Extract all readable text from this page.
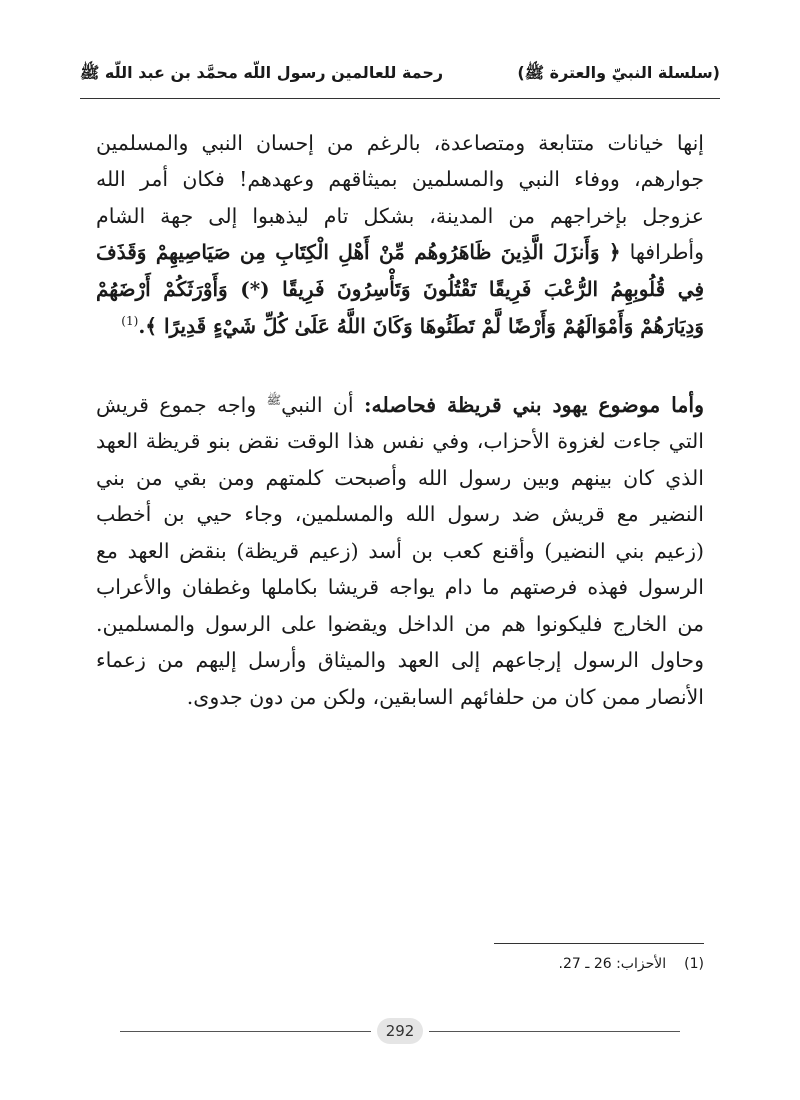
(سلسلة النبيّ والعترة ﷺ)
رحمة للعالمين رسول اللّه محمَّد بن عبد اللّه ﷺ

إنها خيانات متتابعة ومتصاعدة، بالرغم من إحسان النبي والمسلمين جوارهم، ووفاء النبي والمسلمين بميثاقهم وعهدهم! فكان أمر الله عزوجل بإخراجهم من المدينة، بشكل تام ليذهبوا إلى جهة الشام وأطرافها ﴿ وَأَنزَلَ الَّذِينَ ظَاهَرُوهُم مِّنْ أَهْلِ الْكِتَابِ مِن صَيَاصِيهِمْ وَقَذَفَ فِي قُلُوبِهِمُ الرُّعْبَ فَرِيقًا تَقْتُلُونَ وَتَأْسِرُونَ فَرِيقًا (*) وَأَوْرَثَكُمْ أَرْضَهُمْ وَدِيَارَهُمْ وَأَمْوَالَهُمْ وَأَرْضًا لَّمْ تَطَئُوهَا وَكَانَ اللَّهُ عَلَىٰ كُلِّ شَيْءٍ قَدِيرًا ﴾.$^{(1)}$

وأما موضوع يهود بني قريظة فحاصله: أن النبي$^ﷺ$ واجه جموع قريش التي جاءت لغزوة الأحزاب، وفي نفس هذا الوقت نقض بنو قريظة العهد الذي كان بينهم وبين رسول الله وأصبحت كلمتهم ومن بقي من بني النضير مع قريش ضد رسول الله والمسلمين، وجاء حيي بن أخطب (زعيم بني النضير) وأقنع كعب بن أسد (زعيم قريظة) بنقض العهد مع الرسول فهذه فرصتهم ما دام يواجه قريشا بكاملها وغطفان والأعراب من الخارج فليكونوا هم من الداخل ويقضوا على الرسول والمسلمين. وحاول الرسول إرجاعهم إلى العهد والميثاق وأرسل إليهم من زعماء الأنصار ممن كان من حلفائهم السابقين، ولكن من دون جدوى.

(1)الأحزاب: 26 ـ 27.
292
